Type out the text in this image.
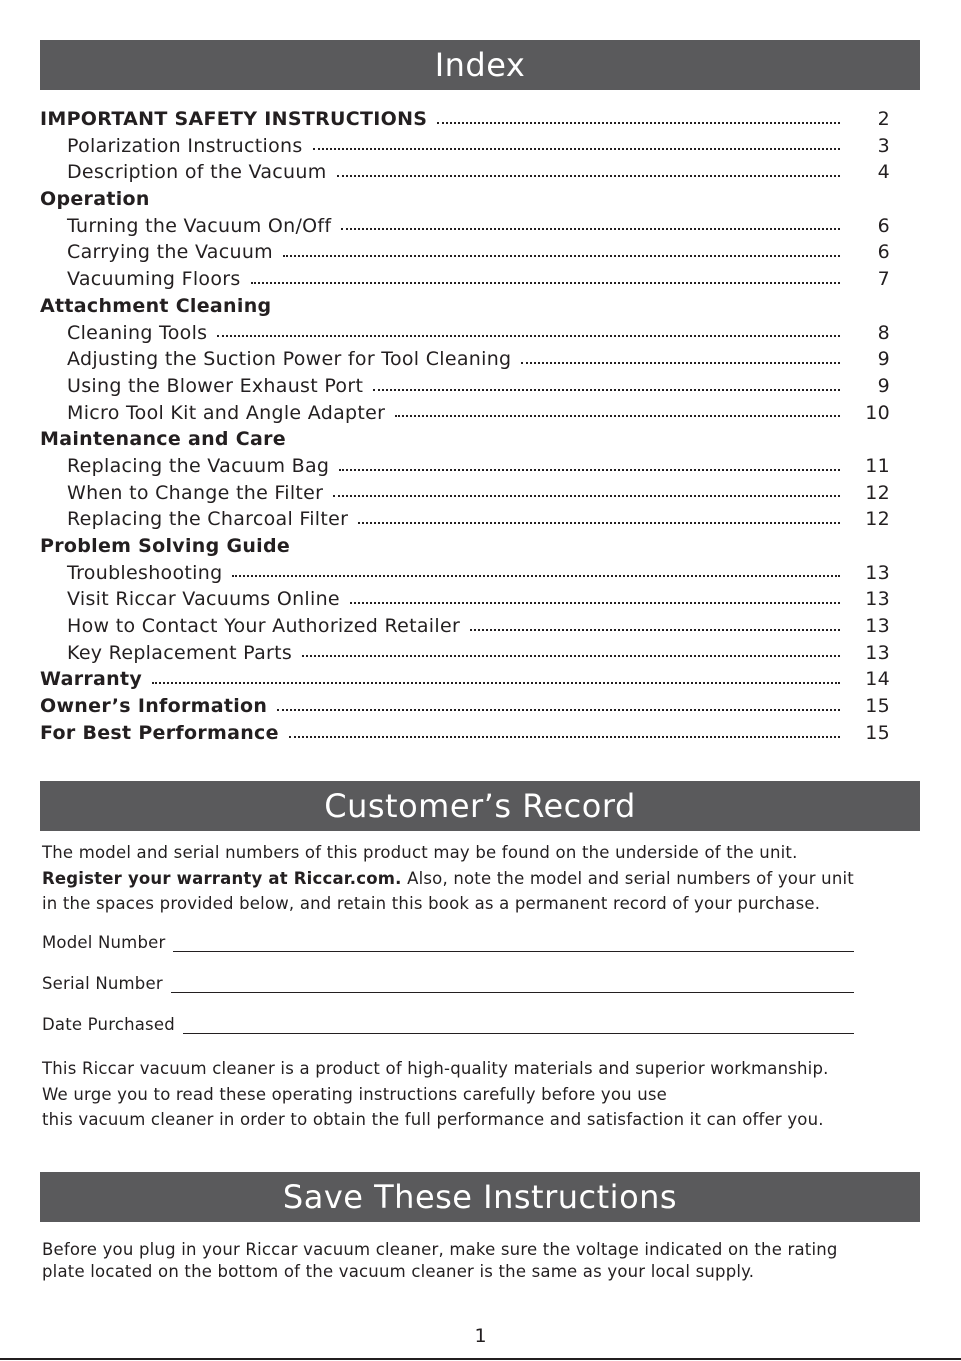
Index
IMPORTANT SAFETY INSTRUCTIONS	2
Polarization Instructions	3
Description of the Vacuum	4
Operation
Turning the Vacuum On/Off	6
Carrying the Vacuum	6
Vacuuming Floors	7
Attachment Cleaning
Cleaning Tools	8
Adjusting the Suction Power for Tool Cleaning	9
Using the Blower Exhaust Port	9
Micro Tool Kit and Angle Adapter	10
Maintenance and Care
Replacing the Vacuum Bag	11
When to Change the Filter	12
Replacing the Charcoal Filter	12
Problem Solving Guide
Troubleshooting	13
Visit Riccar Vacuums Online	13
How to Contact Your Authorized Retailer	13
Key Replacement Parts	13
Warranty	14
Owner’s Information	15
For Best Performance	15
Customer’s Record
The model and serial numbers of this product may be found on the underside of the unit.
Register your warranty at Riccar.com. Also, note the model and serial numbers of your unit
in the spaces provided below, and retain this book as a permanent record of your purchase.
Model Number
Serial Number
Date Purchased
This Riccar vacuum cleaner is a product of high-quality materials and superior workmanship.
We urge you to read these operating instructions carefully before you use
this vacuum cleaner in order to obtain the full performance and satisfaction it can offer you.
Save These Instructions
Before you plug in your Riccar vacuum cleaner, make sure the voltage indicated on the rating
plate located on the bottom of the vacuum cleaner is the same as your local supply.
1
